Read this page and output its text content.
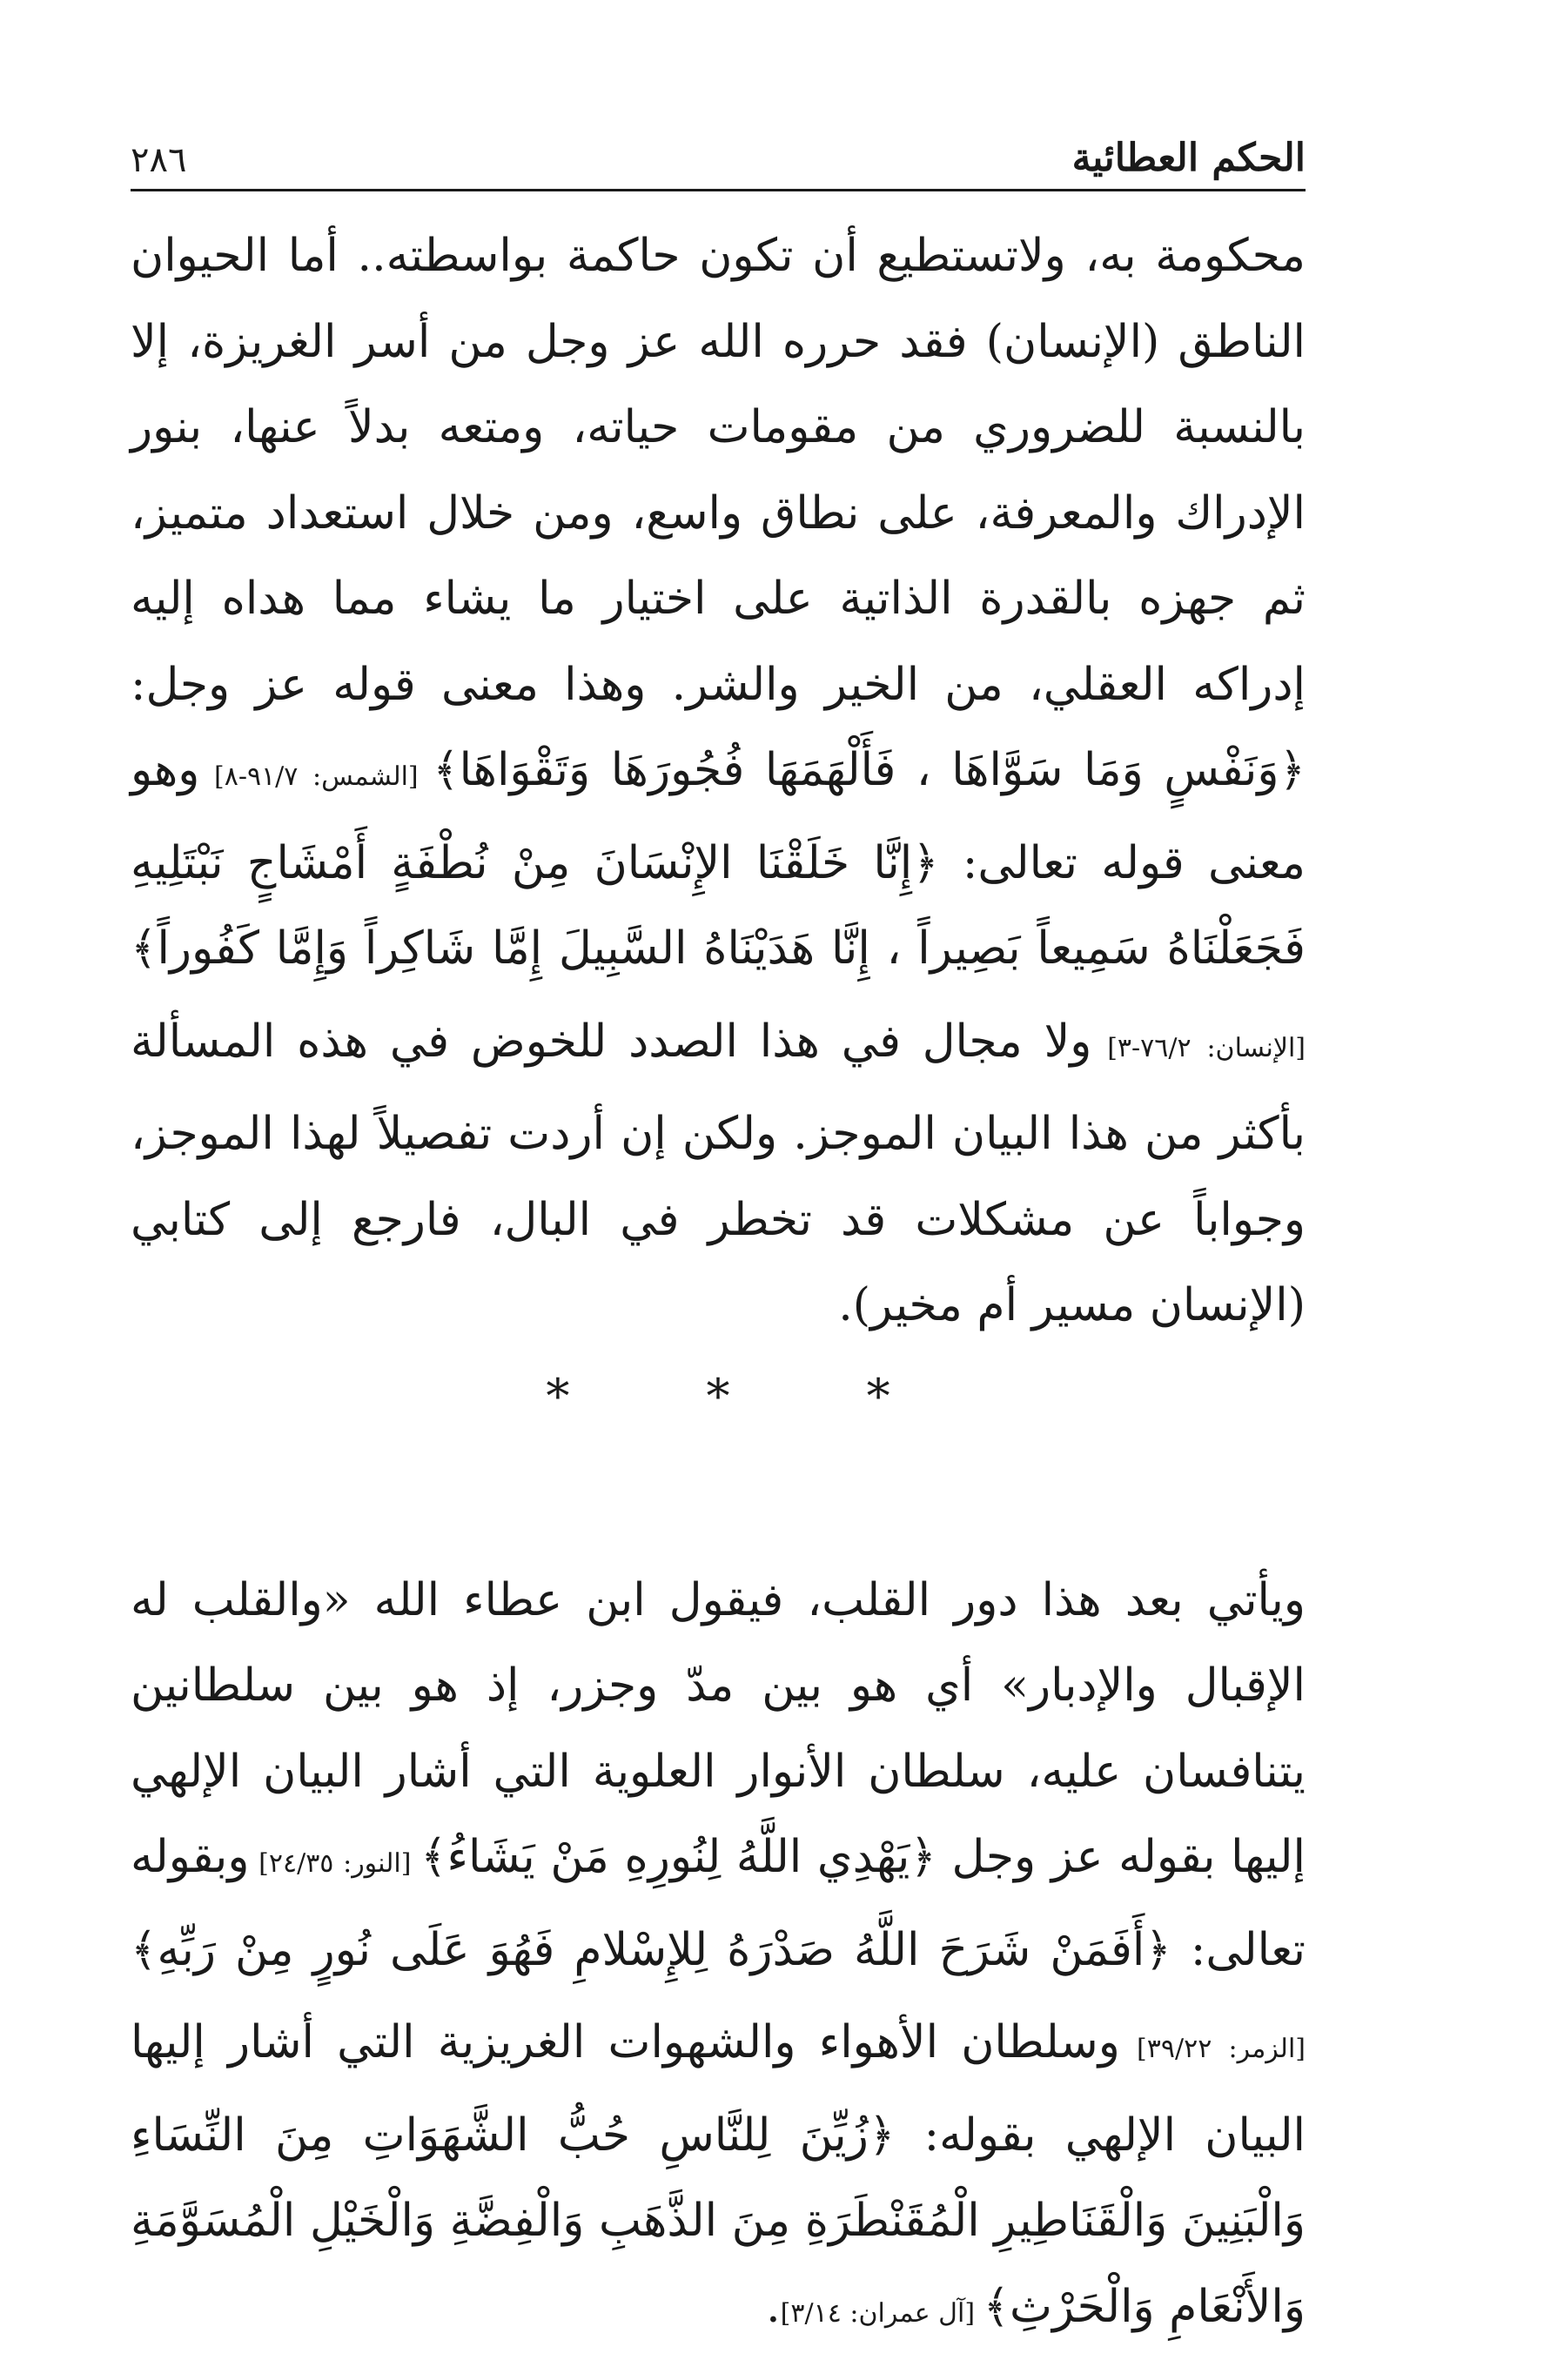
الحكم العطائية
٢٨٦

محكومة به، ولاتستطيع أن تكون حاكمة بواسطته.. أما الحيوان الناطق (الإنسان) فقد حرره الله عز وجل من أسر الغريزة، إلا بالنسبة للضروري من مقومات حياته، ومتعه بدلاً عنها، بنور الإدراك والمعرفة، على نطاق واسع، ومن خلال استعداد متميز، ثم جهزه بالقدرة الذاتية على اختيار ما يشاء مما هداه إليه إدراكه العقلي، من الخير والشر. وهذا معنى قوله عز وجل: ﴿وَنَفْسٍ وَمَا سَوَّاهَا ، فَأَلْهَمَهَا فُجُورَهَا وَتَقْوَاهَا﴾ [الشمس: ٩١/٧-٨] وهو معنى قوله تعالى: ﴿إِنَّا خَلَقْنَا الإِنْسَانَ مِنْ نُطْفَةٍ أَمْشَاجٍ نَبْتَلِيهِ فَجَعَلْنَاهُ سَمِيعاً بَصِيراً ، إِنَّا هَدَيْنَاهُ السَّبِيلَ إِمَّا شَاكِراً وَإِمَّا كَفُوراً﴾ [الإنسان: ٧٦/٢-٣] ولا مجال في هذا الصدد للخوض في هذه المسألة بأكثر من هذا البيان الموجز. ولكن إن أردت تفصيلاً لهذا الموجز، وجواباً عن مشكلات قد تخطر في البال، فارجع إلى كتابي (الإنسان مسير أم مخير).

* * *

ويأتي بعد هذا دور القلب، فيقول ابن عطاء الله «والقلب له الإقبال والإدبار» أي هو بين مدّ وجزر، إذ هو بين سلطانين يتنافسان عليه، سلطان الأنوار العلوية التي أشار البيان الإلهي إليها بقوله عز وجل ﴿يَهْدِي اللَّهُ لِنُورِهِ مَنْ يَشَاءُ﴾ [النور: ٢٤/٣٥] وبقوله تعالى: ﴿أَفَمَنْ شَرَحَ اللَّهُ صَدْرَهُ لِلإِسْلامِ فَهُوَ عَلَى نُورٍ مِنْ رَبِّهِ﴾ [الزمر: ٣٩/٢٢] وسلطان الأهواء والشهوات الغريزية التي أشار إليها البيان الإلهي بقوله: ﴿زُيِّنَ لِلنَّاسِ حُبُّ الشَّهَوَاتِ مِنَ النِّسَاءِ وَالْبَنِينَ وَالْقَنَاطِيرِ الْمُقَنْطَرَةِ مِنَ الذَّهَبِ وَالْفِضَّةِ وَالْخَيْلِ الْمُسَوَّمَةِ وَالأَنْعَامِ وَالْحَرْثِ﴾ [آل عمران: ٣/١٤].
